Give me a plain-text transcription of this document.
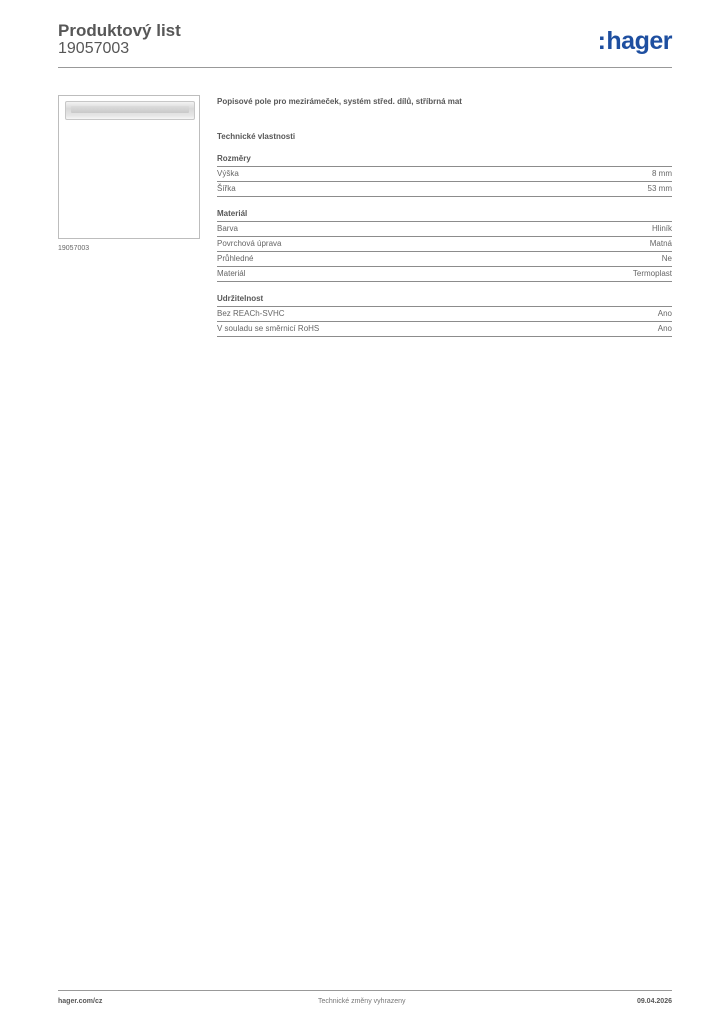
Produktový list
19057003	:hager
19057003

Popisové pole pro mezirámeček, systém střed. dílů, stříbrná mat

Technické vlastnosti
Rozměry
Výška	8 mm
Šířka	53 mm
Materiál
Barva	Hliník
Povrchová úprava	Matná
Průhledné	Ne
Materiál	Termoplast
Udržitelnost
Bez REACh-SVHC	Ano
V souladu se směrnicí RoHS	Ano
hager.com/cz	Technické změny vyhrazeny	09.04.2026
